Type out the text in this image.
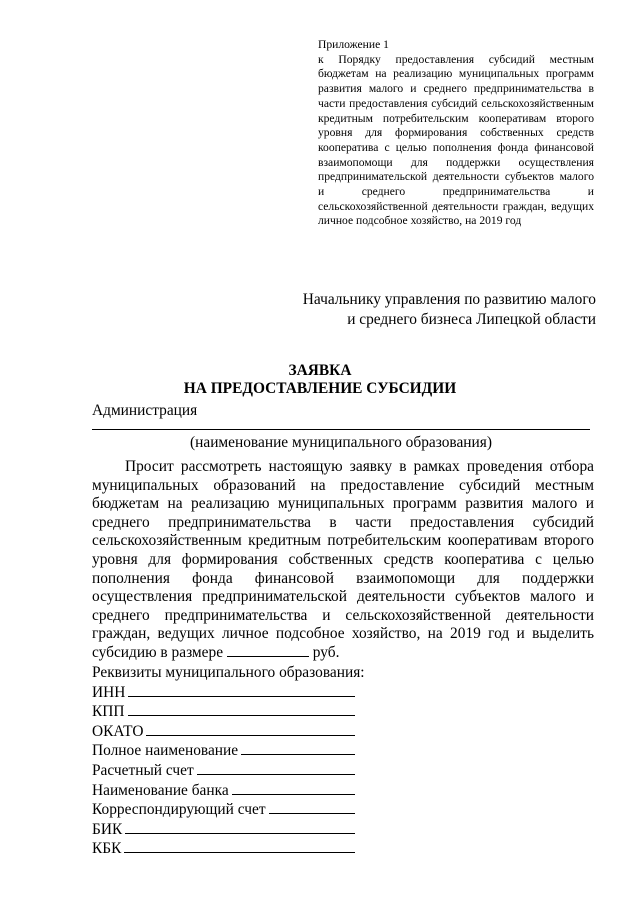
Приложение 1
к Порядку предоставления субсидий местным бюджетам на реализацию муниципальных программ развития малого и среднего предпринимательства в части предоставления субсидий сельскохозяйственным кредитным потребительским кооперативам второго уровня для формирования собственных средств кооператива с целью пополнения фонда финансовой взаимопомощи для поддержки осуществления предпринимательской деятельности субъектов малого и среднего предпринимательства и сельскохозяйственной деятельности граждан, ведущих личное подсобное хозяйство, на 2019 год
Начальнику управления по развитию малого
и среднего бизнеса Липецкой области
ЗАЯВКА
НА ПРЕДОСТАВЛЕНИЕ СУБСИДИИ
Администрация
(наименование муниципального образования)
Просит рассмотреть настоящую заявку в рамках проведения отбора муниципальных образований на предоставление субсидий местным бюджетам на реализацию муниципальных программ развития малого и среднего предпринимательства в части предоставления субсидий сельскохозяйственным кредитным потребительским кооперативам второго уровня для формирования собственных средств кооператива с целью пополнения фонда финансовой взаимопомощи для поддержки осуществления предпринимательской деятельности субъектов малого и среднего предпринимательства и сельскохозяйственной деятельности граждан, ведущих личное подсобное хозяйство, на 2019 год и выделить субсидию в размере	руб.
Реквизиты муниципального образования:
ИНН
КПП
ОКАТО
Полное наименование
Расчетный счет
Наименование банка
Корреспондирующий счет
БИК
КБК
